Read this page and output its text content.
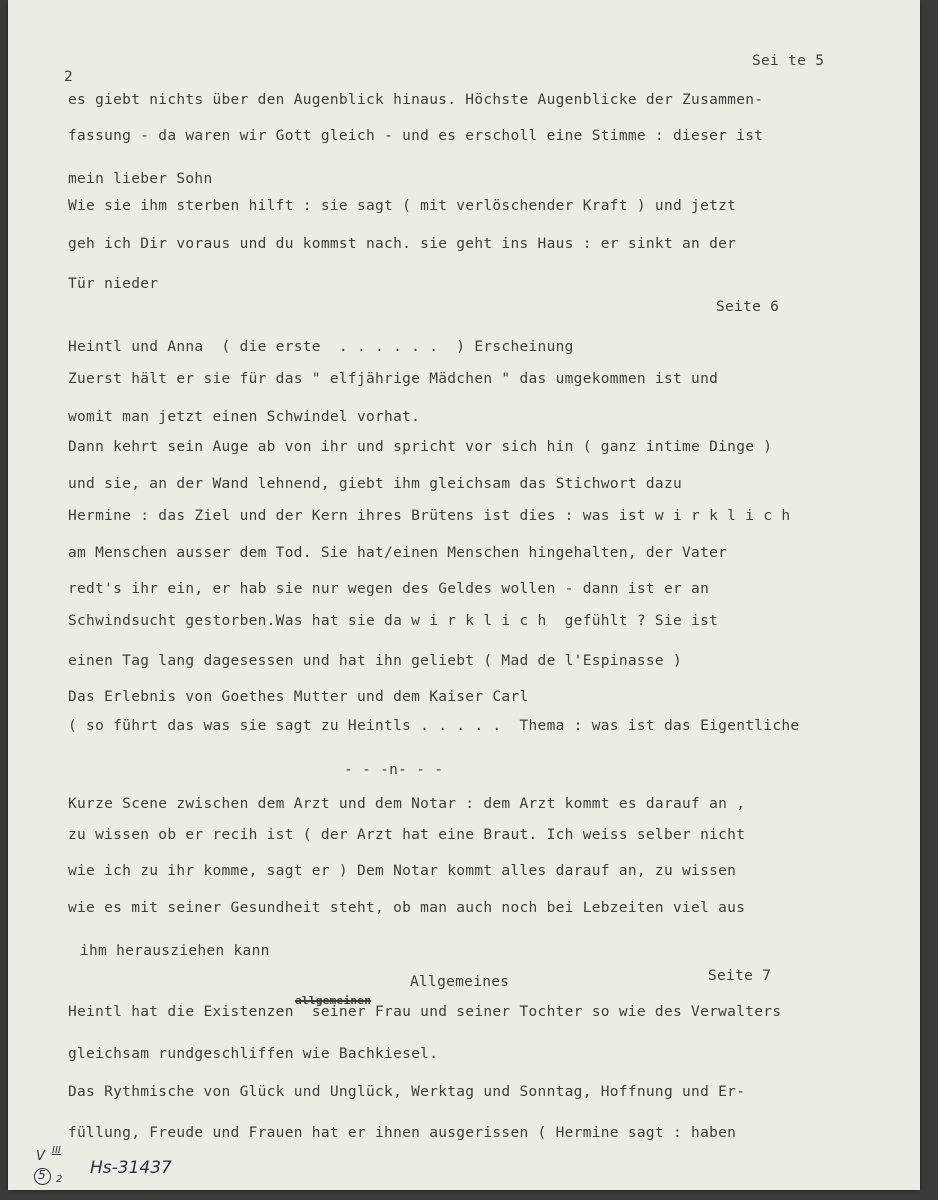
2
Sei te 5
es giebt nichts über den Augenblick hinaus. Höchste Augenblicke der Zusammen-
fassung - da waren wir Gott gleich - und es erscholl eine Stimme : dieser ist
mein lieber Sohn
Wie sie ihm sterben hilft : sie sagt ( mit verlöschender Kraft ) und jetzt
geh ich Dir voraus und du kommst nach. sie geht ins Haus : er sinkt an der
Tür nieder
Seite 6
Heintl und Anna  ( die erste  . . . . . .  ) Erscheinung
Zuerst hält er sie für das " elfjährige Mädchen " das umgekommen ist und
womit man jetzt einen Schwindel vorhat.
Dann kehrt sein Auge ab von ihr und spricht vor sich hin ( ganz intime Dinge )
und sie, an der Wand lehnend, giebt ihm gleichsam das Stichwort dazu
Hermine : das Ziel und der Kern ihres Brütens ist dies : was ist w i r k l i c h
am Menschen ausser dem Tod. Sie hat/einen Menschen hingehalten, der Vater
redt's ihr ein, er hab sie nur wegen des Geldes wollen - dann ist er an
Schwindsucht gestorben.Was hat sie da w i r k l i c h  gefühlt ? Sie ist
einen Tag lang dagesessen und hat ihn geliebt ( Mad de l'Espinasse )
Das Erlebnis von Goethes Mutter und dem Kaiser Carl
( so führt das was sie sagt zu Heintls . . . . .  Thema : was ist das Eigentliche
- - -n- - -
Kurze Scene zwischen dem Arzt und dem Notar : dem Arzt kommt es darauf an ,
zu wissen ob er recih ist ( der Arzt hat eine Braut. Ich weiss selber nicht
wie ich zu ihr komme, sagt er ) Dem Notar kommt alles darauf an, zu wissen
wie es mit seiner Gesundheit steht, ob man auch noch bei Lebzeiten viel aus
ihm herausziehen kann
Allgemeines	Seite 7
allgemeinen
Heintl hat die Existenzen  seiner Frau und seiner Tochter so wie des Verwalters
gleichsam rundgeschliffen wie Bachkiesel.
Das Rythmische von Glück und Unglück, Werktag und Sonntag, Hoffnung und Er-
füllung, Freude und Frauen hat er ihnen ausgerissen ( Hermine sagt : haben
V III
5 2
Hs-31437
